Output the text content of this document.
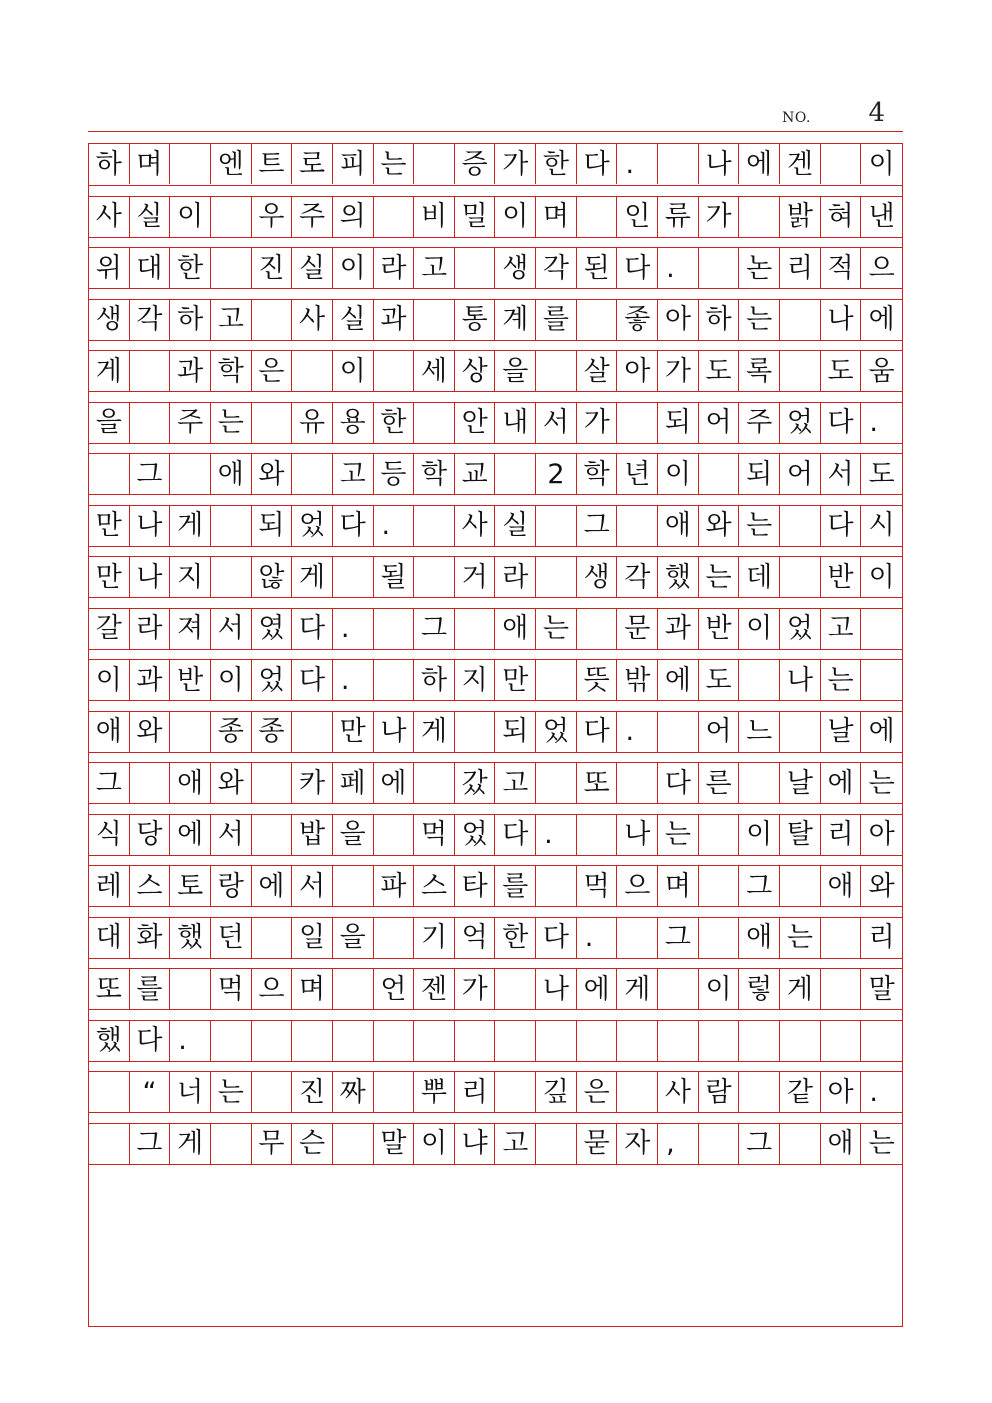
NO. 4
하 며 엔 트 로 피 는 증 가 한 다 .	나 에 겐 이
사 실 이 우 주 의 비 밀 이 며 인 류 가 밝 혀 낸
위 대 한 진 실 이 라 고 생 각 된 다 .	논 리 적 으
생 각 하 고 사 실 과 통 계 를 좋 아 하 는 나 에
게 과 학 은 이 세 상 을 살 아 가 도 록 도 움
을 주 는 유 용 한 안 내 서 가 되 어 주 었 다 .
그 애 와 고 등 학 교	2 학 년 이 되 어 서 도
만 나 게 되 었 다 .	사 실 그 애 와 는 다 시
만 나 지 않 게 될 거 라 생 각 했 는 데 반 이
갈 라 져 서 였 다 .	그 애 는 문 과 반 이 었 고
이 과 반 이 었 다 .	하 지 만 뜻 밖 에 도 나 는
애 와 종 종 만 나 게 되 었 다 .	어 느 날 에
그 애 와 카 페 에 갔 고 또 다 른 날 에 는
식 당 에 서 밥 을 먹 었 다 .	나 는 이 탈 리 아
레 스 토 랑 에 서 파 스 타 를 먹 으 며 그 애 와
대 화 했 던 일 을 기 억 한 다 .	그 애 는 리
또 를 먹 으 며 언 젠 가 나 에 게 이 렇 게 말
했 다 .
“ 너 는 진 짜 뿌 리 깊 은 사 람 같 아 .
그 게 무 슨 말 이 냐 고 묻 자 ,	그 애 는
